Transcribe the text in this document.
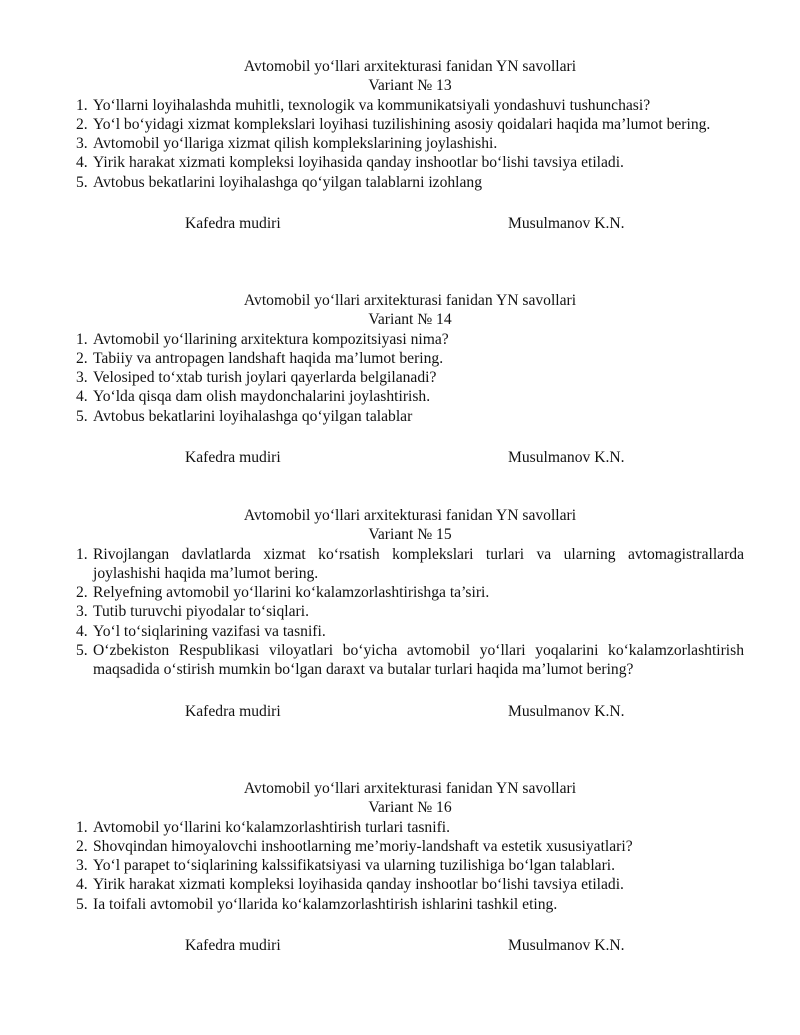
Avtomobil yo‘llari arxitekturasi fanidan YN savollari
Variant № 13
1. Yo‘llarni loyihalashda muhitli, texnologik va kommunikatsiyali yondashuvi tushunchasi?
2. Yo‘l bo‘yidagi xizmat komplekslari loyihasi tuzilishining asosiy qoidalari haqida ma’lumot bering.
3. Avtomobil yo‘llariga xizmat qilish komplekslarining joylashishi.
4. Yirik harakat xizmati kompleksi loyihasida qanday inshootlar bo‘lishi tavsiya etiladi.
5. Avtobus bekatlarini loyihalashga qo‘yilgan talablarni izohlang
Kafedra mudiri	Musulmanov K.N.
Avtomobil yo‘llari arxitekturasi fanidan YN savollari
Variant № 14
1. Avtomobil yo‘llarining arxitektura kompozitsiyasi nima?
2. Tabiiy va antropagen landshaft haqida ma’lumot bering.
3. Velosiped to‘xtab turish joylari qayerlarda belgilanadi?
4. Yo‘lda qisqa dam olish maydonchalarini joylashtirish.
5. Avtobus bekatlarini loyihalashga qo‘yilgan talablar
Kafedra mudiri	Musulmanov K.N.
Avtomobil yo‘llari arxitekturasi fanidan YN savollari
Variant № 15
1. Rivojlangan davlatlarda xizmat ko‘rsatish komplekslari turlari va ularning avtomagistrallarda joylashishi haqida ma’lumot bering.
2. Relyefning avtomobil yo‘llarini ko‘kalamzorlashtirishga ta’siri.
3. Tutib turuvchi piyodalar to‘siqlari.
4. Yo‘l to‘siqlarining vazifasi va tasnifi.
5. O‘zbekiston Respublikasi viloyatlari bo‘yicha avtomobil yo‘llari yoqalarini ko‘kalamzorlashtirish maqsadida o‘stirish mumkin bo‘lgan daraxt va butalar turlari haqida ma’lumot bering?
Kafedra mudiri	Musulmanov K.N.
Avtomobil yo‘llari arxitekturasi fanidan YN savollari
Variant № 16
1. Avtomobil yo‘llarini ko‘kalamzorlashtirish turlari tasnifi.
2. Shovqindan himoyalovchi inshootlarning me’moriy-landshaft va estetik xususiyatlari?
3. Yo‘l parapet to‘siqlarining kalssifikatsiyasi va ularning tuzilishiga bo‘lgan talablari.
4. Yirik harakat xizmati kompleksi loyihasida qanday inshootlar bo‘lishi tavsiya etiladi.
5. Ia toifali avtomobil yo‘llarida ko‘kalamzorlashtirish ishlarini tashkil eting.
Kafedra mudiri	Musulmanov K.N.
